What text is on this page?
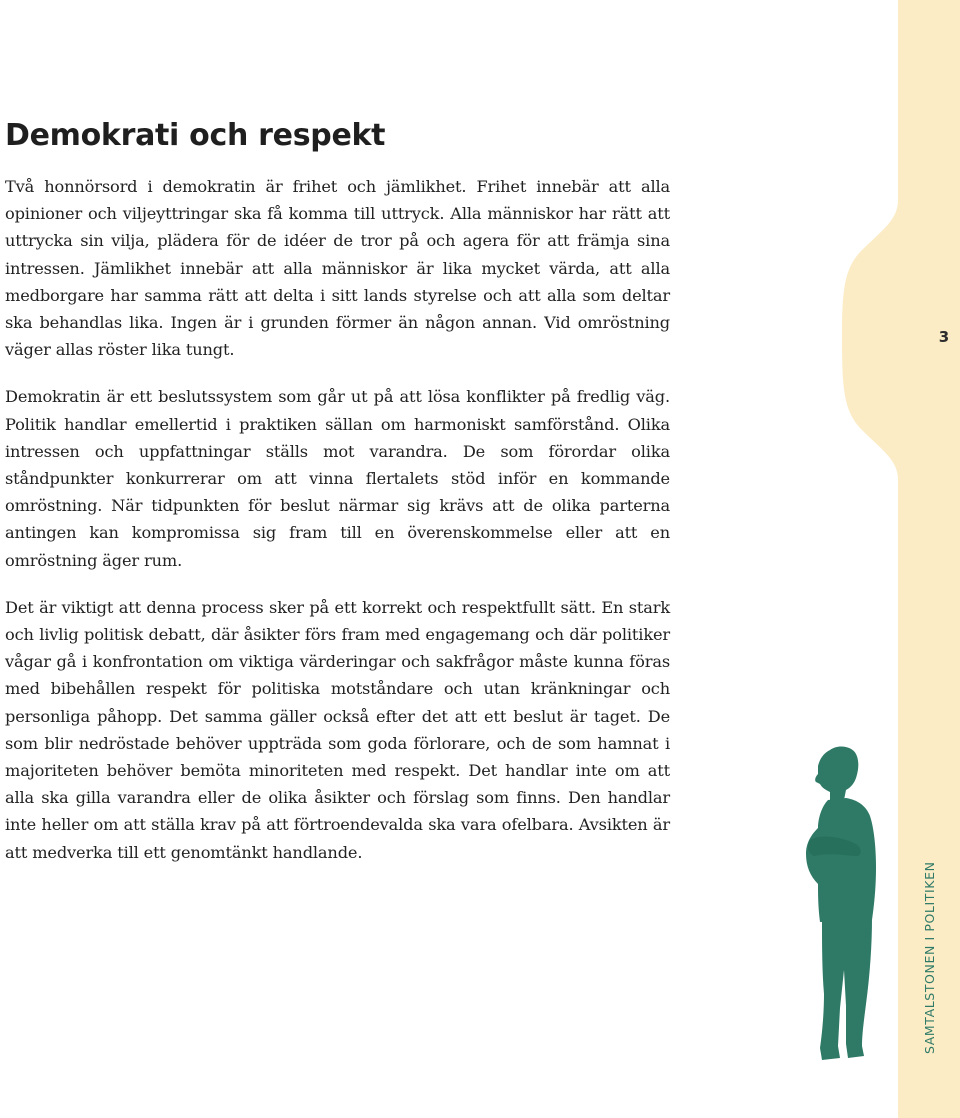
3
SAMTALSTONEN I POLITIKEN
Demokrati och respekt

Två honnörsord i demokratin är frihet och jämlikhet. Frihet innebär att alla opinioner och viljeyttringar ska få komma till uttryck. Alla människor har rätt att uttrycka sin vilja, plädera för de idéer de tror på och agera för att främja sina intressen. Jämlikhet innebär att alla människor är lika mycket värda, att alla medborgare har samma rätt att delta i sitt lands styrelse och att alla som deltar ska behandlas lika. Ingen är i grunden förmer än någon annan. Vid omröstning väger allas röster lika tungt.

Demokratin är ett beslutssystem som går ut på att lösa konflikter på fredlig väg. Politik handlar emellertid i praktiken sällan om harmoniskt samförstånd. Olika intressen och uppfattningar ställs mot varandra. De som förordar olika ståndpunkter konkurrerar om att vinna flertalets stöd inför en kommande omröstning. När tidpunkten för beslut närmar sig krävs att de olika parterna antingen kan kompromissa sig fram till en överenskommelse eller att en omröstning äger rum.

Det är viktigt att denna process sker på ett korrekt och respektfullt sätt. En stark och livlig politisk debatt, där åsikter förs fram med engagemang och där politiker vågar gå i konfrontation om viktiga värderingar och sakfrågor måste kunna föras med bibehållen respekt för politiska motståndare och utan kränkningar och personliga påhopp. Det samma gäller också efter det att ett beslut är taget. De som blir nedröstade behöver uppträda som goda förlorare, och de som hamnat i majoriteten behöver bemöta minoriteten med respekt. Det handlar inte om att alla ska gilla varandra eller de olika åsikter och förslag som finns. Den handlar inte heller om att ställa krav på att förtroendevalda ska vara ofelbara. Avsikten är att medverka till ett genomtänkt handlande.
